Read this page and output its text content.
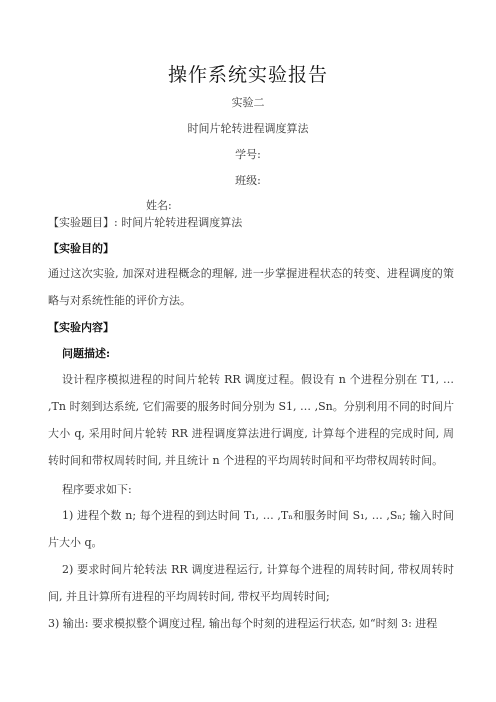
操作系统实验报告
实验二
时间片轮转进程调度算法
学号:
班级:
姓名:
【实验题目】: 时间片轮转进程调度算法
【实验目的】
通过这次实验, 加深对进程概念的理解, 进一步掌握进程状态的转变、进程调度的策略与对系统性能的评价方法。
【实验内容】
问题描述:
设计程序模拟进程的时间片轮转 RR 调度过程。假设有 n 个进程分别在 T1, … ,Tn 时刻到达系统, 它们需要的服务时间分别为 S1, … ,Sn。分别利用不同的时间片大小 q, 采用时间片轮转 RR 进程调度算法进行调度, 计算每个进程的完成时间, 周转时间和带权周转时间, 并且统计 n 个进程的平均周转时间和平均带权周转时间。
程序要求如下:
1) 进程个数 n; 每个进程的到达时间 T₁, … ,Tₙ和服务时间 S₁, … ,Sₙ; 输入时间片大小 q。
2) 要求时间片轮转法 RR 调度进程运行, 计算每个进程的周转时间, 带权周转时间, 并且计算所有进程的平均周转时间, 带权平均周转时间;
3) 输出: 要求模拟整个调度过程, 输出每个时刻的进程运行状态, 如“时刻 3: 进程
